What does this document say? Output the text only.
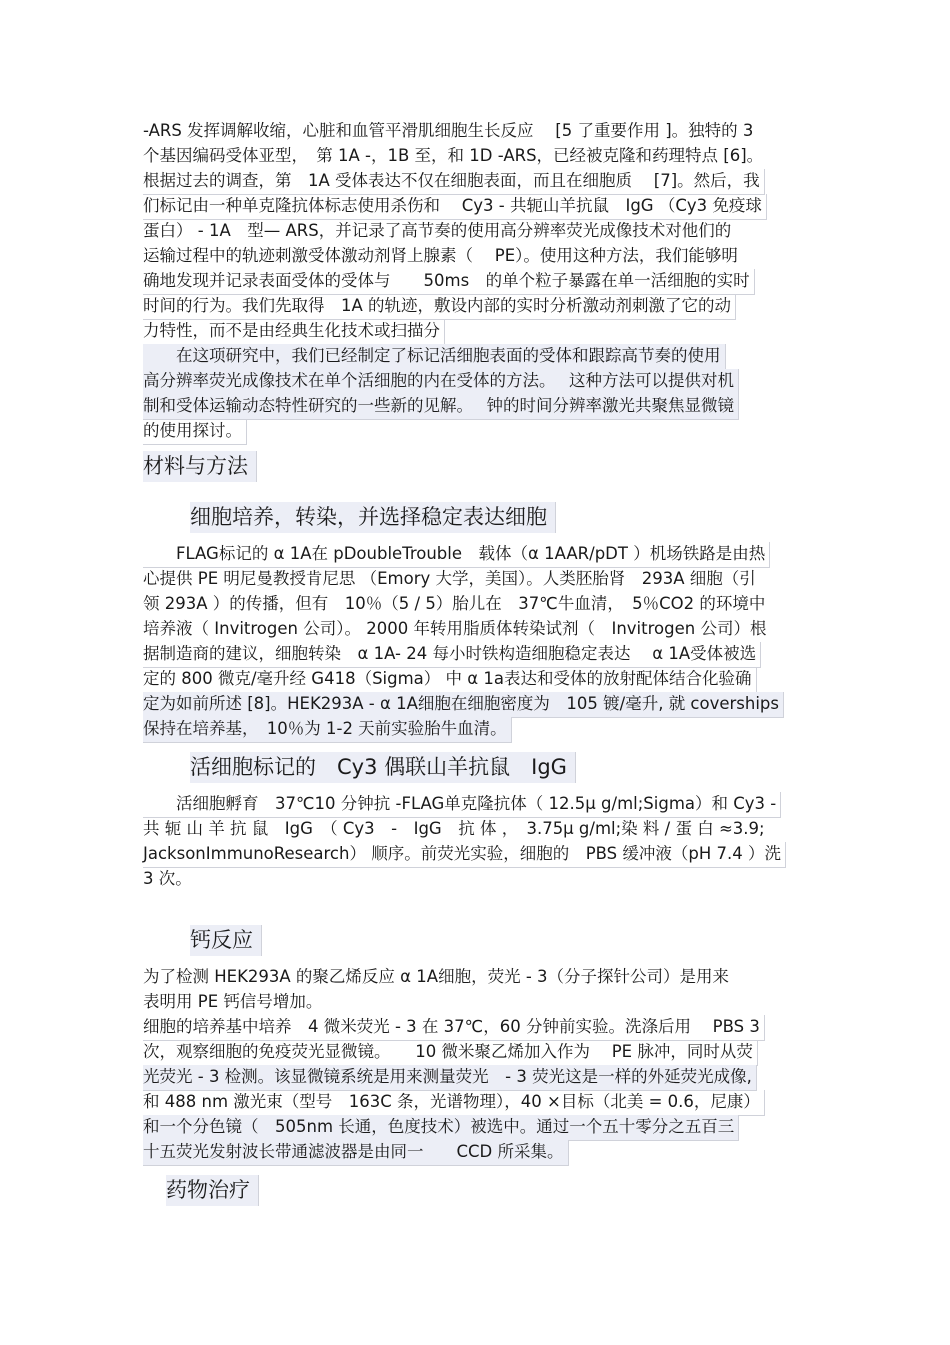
-ARS 发挥调解收缩，心脏和血管平滑肌细胞生长反应　 [5 了重要作用 ]。独特的 3
个基因编码受体亚型，　第 1A -，1B 至，和 1D -ARS，已经被克隆和药理特点 [6]。
根据过去的调查，第　1A 受体表达不仅在细胞表面，而且在细胞质　 [7]。然后，我
们标记由一种单克隆抗体标志使用杀伤和　 Cy3 - 共轭山羊抗鼠　IgG （Cy3 免疫球
蛋白） - 1A　型— ARS，并记录了高节奏的使用高分辨率荧光成像技术对他们的
运输过程中的轨迹刺激受体激动剂肾上腺素（　 PE）。使用这种方法，我们能够明
确地发现并记录表面受体的受体与　　50ms　的单个粒子暴露在单一活细胞的实时
时间的行为。我们先取得　1A 的轨迹，敷设内部的实时分析激动剂刺激了它的动
力特性，而不是由经典生化技术或扫描分
　　在这项研究中，我们已经制定了标记活细胞表面的受体和跟踪高节奏的使用
高分辨率荧光成像技术在单个活细胞的内在受体的方法。　 这种方法可以提供对机
制和受体运输动态特性研究的一些新的见解。　 钟的时间分辨率激光共聚焦显微镜
的使用探讨。
材料与方法
细胞培养，转染，并选择稳定表达细胞
　　FLAG标记的 α 1A在 pDoubleTrouble　载体（α 1AAR/pDT ）机场铁路是由热
心提供 PE 明尼曼教授肯尼思 （Emory 大学，美国）。人类胚胎肾　293A 细胞（引
领 293A ）的传播，但有　10％（5 / 5）胎儿在　37℃牛血清，　5％CO2 的环境中
培养液（ Invitrogen 公司）。 2000 年转用脂质体转染试剂（　Invitrogen 公司）根
据制造商的建议，细胞转染　α 1A- 24 每小时铁构造细胞稳定表达　 α 1A受体被选
定的 800 微克/毫升经 G418（Sigma） 中 α 1a表达和受体的放射配体结合化验确
定为如前所述 [8]。HEK293A - α 1A细胞在细胞密度为　105 镀/毫升, 就 coverships
保持在培养基，　10％为 1-2 天前实验胎牛血清。
活细胞标记的　Cy3 偶联山羊抗鼠　IgG
　　活细胞孵育　37℃10 分钟抗 -FLAG单克隆抗体（ 12.5μ g/ml;Sigma）和 Cy3 -
共 轭 山 羊 抗 鼠　IgG　（ Cy3　-　IgG　抗 体 ，　3.75μ g/ml;染 料 / 蛋 白 ≈3.9;
JacksonImmunoResearch） 顺序。前荧光实验，细胞的　PBS 缓冲液（pH 7.4 ）洗
3 次。
钙反应
为了检测 HEK293A 的聚乙烯反应 α 1A细胞，荧光 - 3（分子探针公司）是用来
表明用 PE 钙信号增加。
细胞的培养基中培养　4 微米荧光 - 3 在 37℃，60 分钟前实验。洗涤后用　 PBS 3
次，观察细胞的免疫荧光显微镜。　　10 微米聚乙烯加入作为　 PE 脉冲，同时从荧
光荧光 - 3 检测。该显微镜系统是用来测量荧光　- 3 荧光这是一样的外延荧光成像,
和 488 nm 激光束（型号　163C 条，光谱物理），40 ×目标（北美 = 0.6，尼康）
和一个分色镜（　505nm 长通，色度技术）被选中。通过一个五十零分之五百三
十五荧光发射波长带通滤波器是由同一　　CCD 所采集。
药物治疗
